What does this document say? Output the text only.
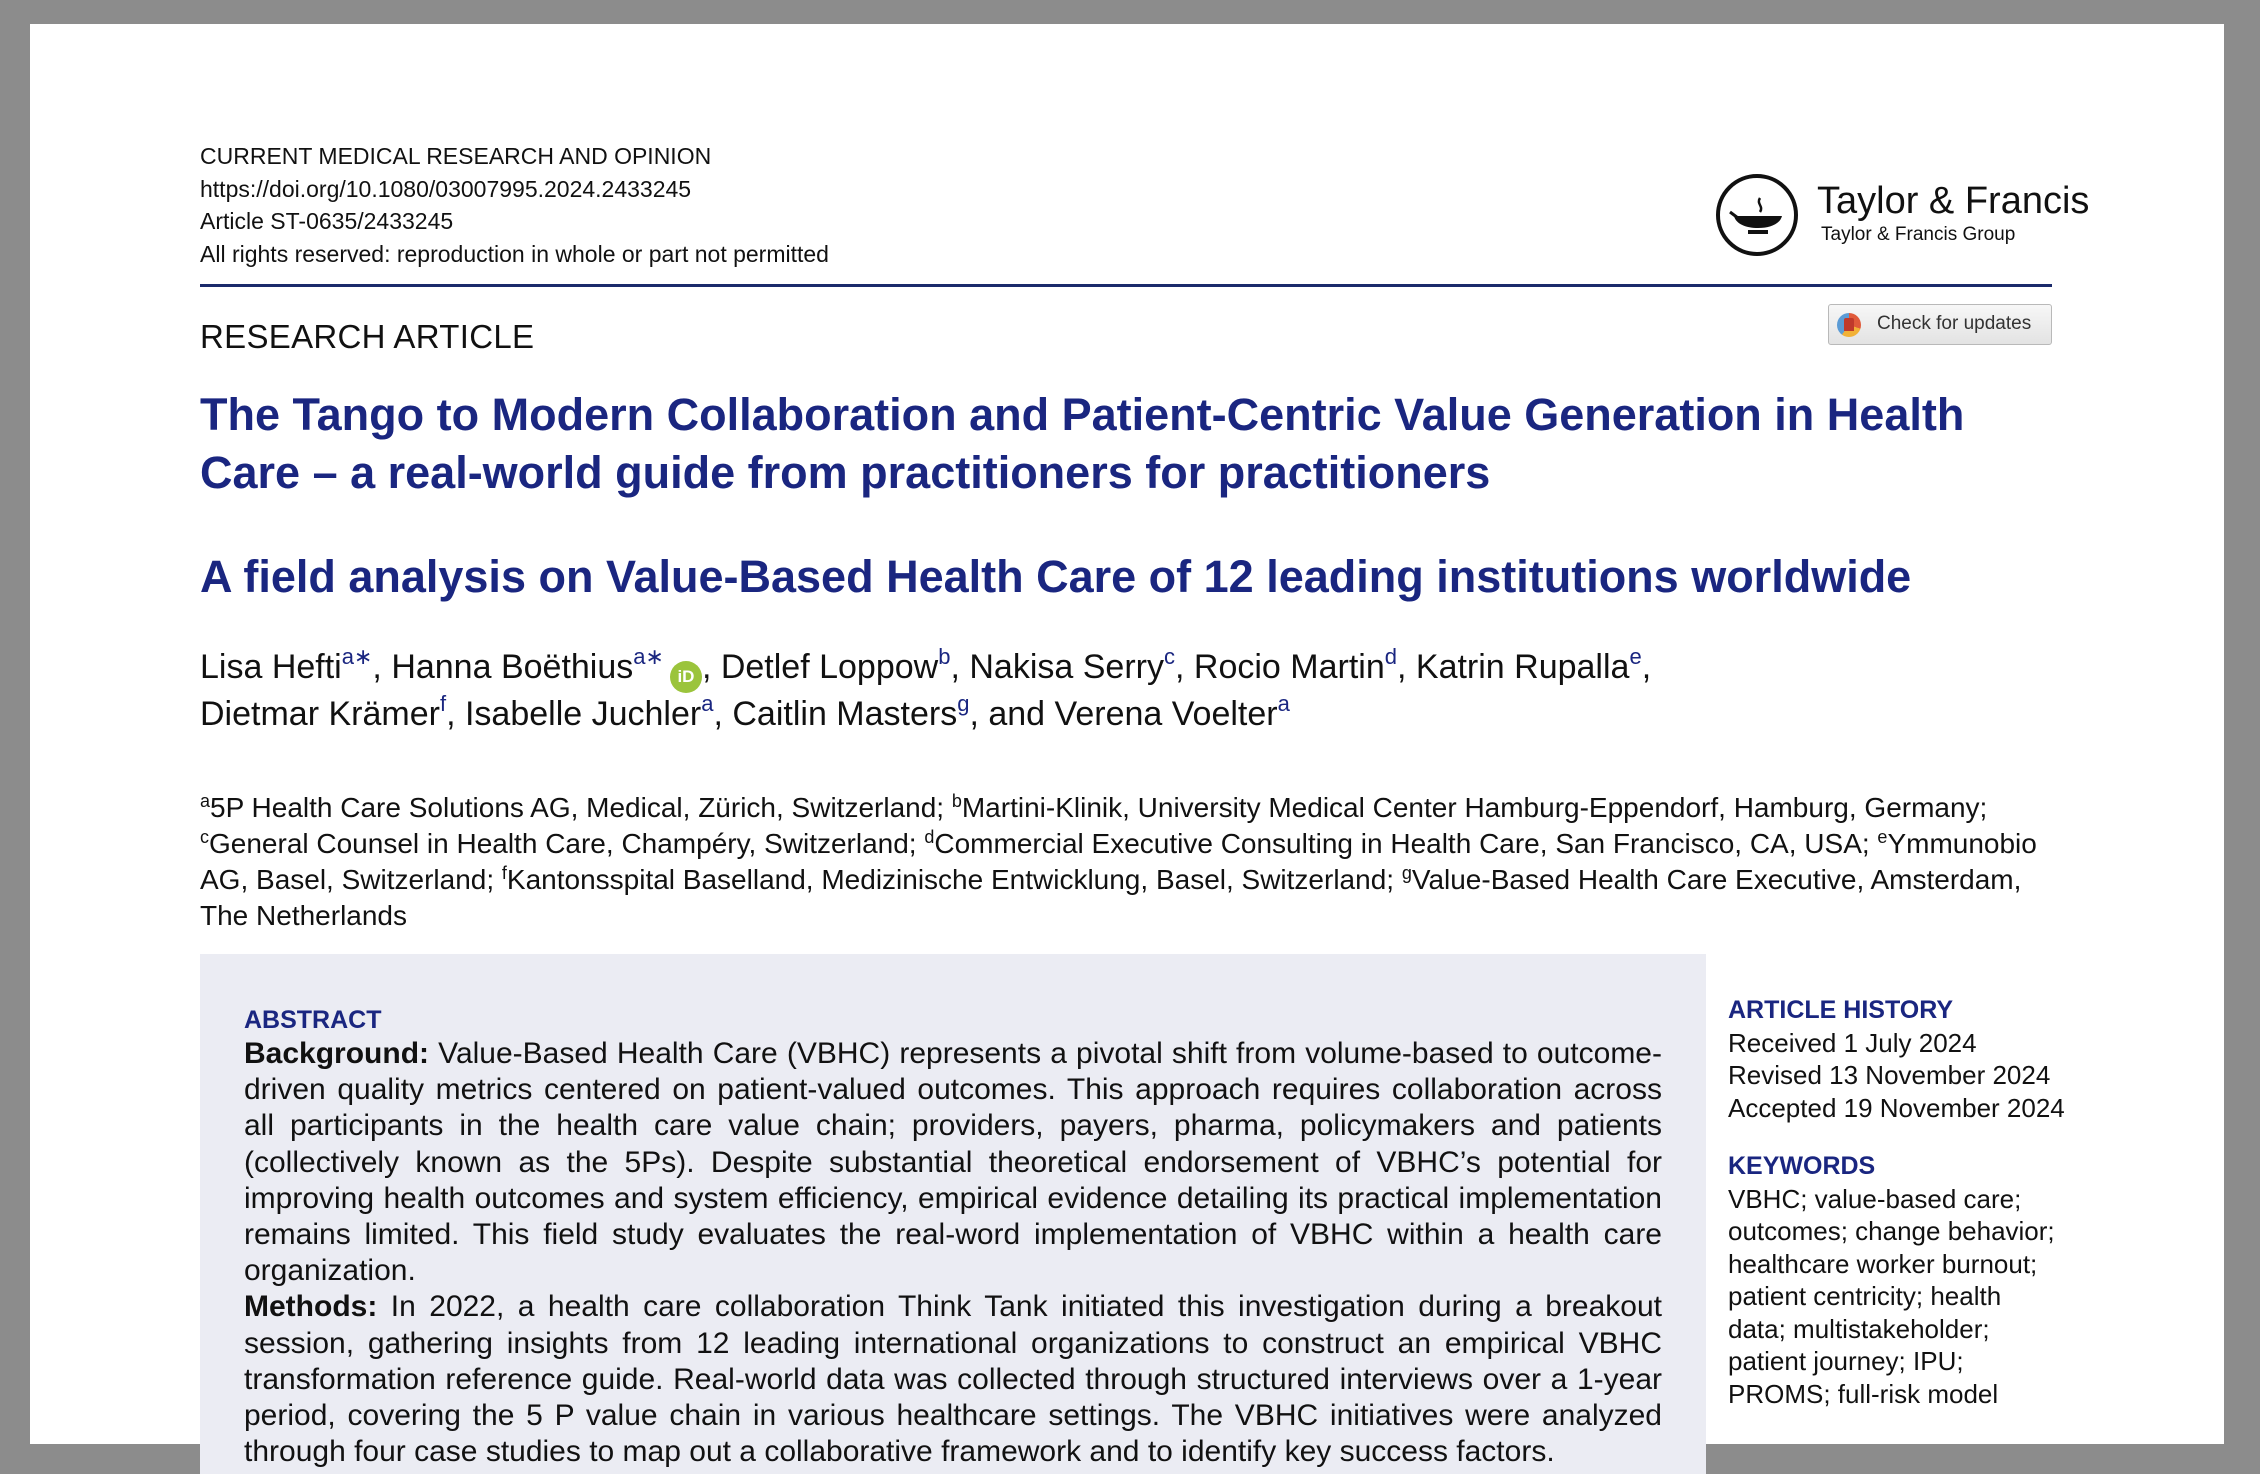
CURRENT MEDICAL RESEARCH AND OPINION
https://doi.org/10.1080/03007995.2024.2433245
Article ST-0635/2433245
All rights reserved: reproduction in whole or part not permitted
Taylor & Francis
Taylor & Francis Group
RESEARCH ARTICLE	Check for updates
The Tango to Modern Collaboration and Patient-Centric Value Generation in Health Care – a real-world guide from practitioners for practitioners
A field analysis on Value-Based Health Care of 12 leading institutions worldwide
Lisa Hefti$^{a∗}$, Hanna Boëthius$^{a∗}$iD , Detlef Loppow$^b$, Nakisa Serry$^c$, Rocio Martin$^d$, Katrin Rupalla$^e$,
Dietmar Krämer$^f$, Isabelle Juchler$^a$, Caitlin Masters$^g$, and Verena Voelter$^a$
$^a$5P Health Care Solutions AG, Medical, Zürich, Switzerland; $^b$Martini-Klinik, University Medical Center Hamburg-Eppendorf, Hamburg, Germany; $^c$General Counsel in Health Care, Champéry, Switzerland; $^d$Commercial Executive Consulting in Health Care, San Francisco, CA, USA; $^e$Ymmunobio AG, Basel, Switzerland; $^f$Kantonsspital Baselland, Medizinische Entwicklung, Basel, Switzerland; $^g$Value-Based Health Care Executive, Amsterdam, The Netherlands
ABSTRACT

Background: Value-Based Health Care (VBHC) represents a pivotal shift from volume-based to outcome-driven quality metrics centered on patient-valued outcomes. This approach requires collaboration across all participants in the health care value chain; providers, payers, pharma, policymakers and patients (collectively known as the 5Ps). Despite substantial theoretical endorsement of VBHC’s potential for improving health outcomes and system efficiency, empirical evidence detailing its practical implementation remains limited. This field study evaluates the real-word implementation of VBHC within a health care organization.

Methods: In 2022, a health care collaboration Think Tank initiated this investigation during a breakout session, gathering insights from 12 leading international organizations to construct an empirical VBHC transformation reference guide. Real-world data was collected through structured interviews over a 1-year period, covering the 5 P value chain in various healthcare settings. The VBHC initiatives were analyzed through four case studies to map out a collaborative framework and to identify key success factors.

ARTICLE HISTORY
Received 1 July 2024
Revised 13 November 2024
Accepted 19 November 2024
KEYWORDS
VBHC; value-based care;
outcomes; change behavior;
healthcare worker burnout;
patient centricity; health
data; multistakeholder;
patient journey; IPU;
PROMS; full-risk model
